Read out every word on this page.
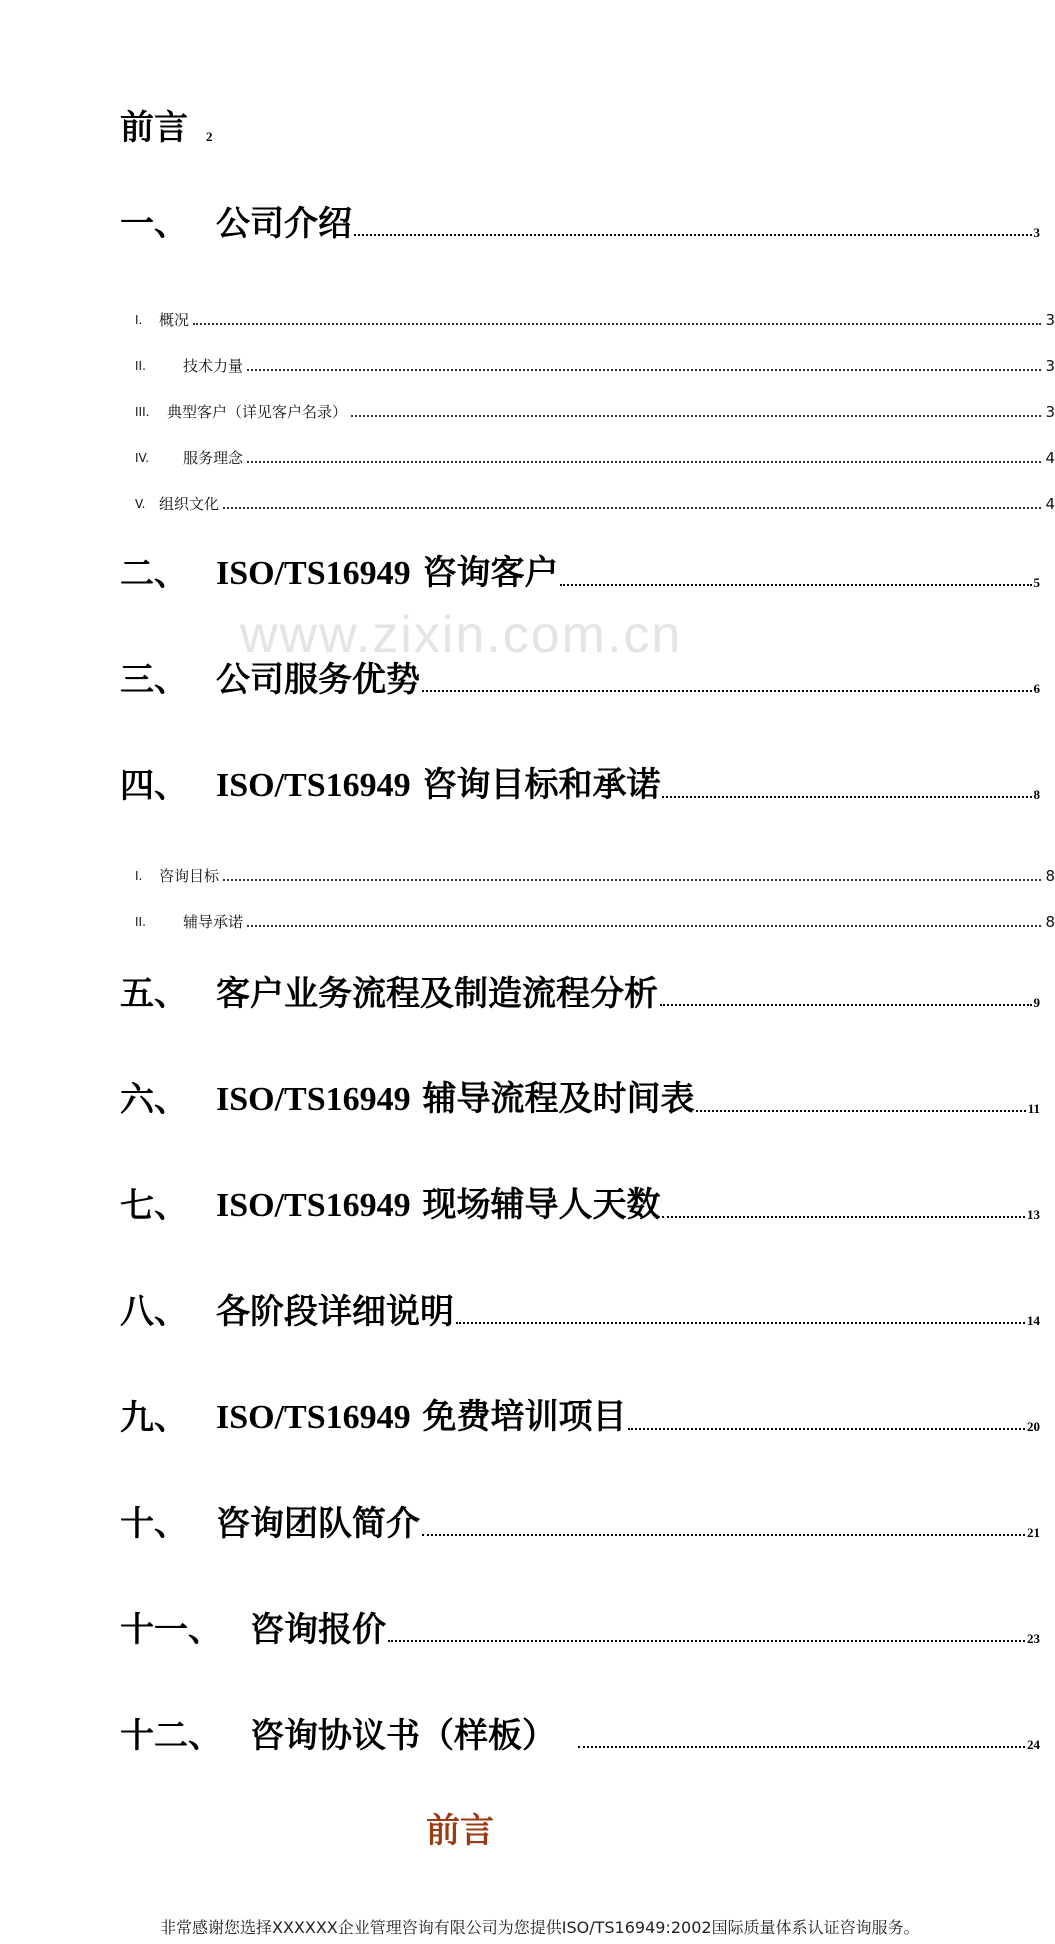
www.zixin.com.cn
前言 2
一、 公司介绍	3
I.	概况	3
II.	技术力量	3
III.	典型客户（详见客户名录）	3
IV.	服务理念	4
V. 组织文化	4
二、 ISO/TS16949 咨询客户	5
三、 公司服务优势	6
四、 ISO/TS16949 咨询目标和承诺	8
I.	咨询目标	8
II.	辅导承诺	8
五、 客户业务流程及制造流程分析	9
六、 ISO/TS16949 辅导流程及时间表	11
七、 ISO/TS16949 现场辅导人天数	13
八、 各阶段详细说明	14
九、 ISO/TS16949 免费培训项目	20
十、 咨询团队简介	21
十一、 咨询报价	23
十二、 咨询协议书（样板）	24
前言
非常感谢您选择XXXXXX企业管理咨询有限公司为您提供ISO/TS16949:2002国际质量体系认证咨询服务。
